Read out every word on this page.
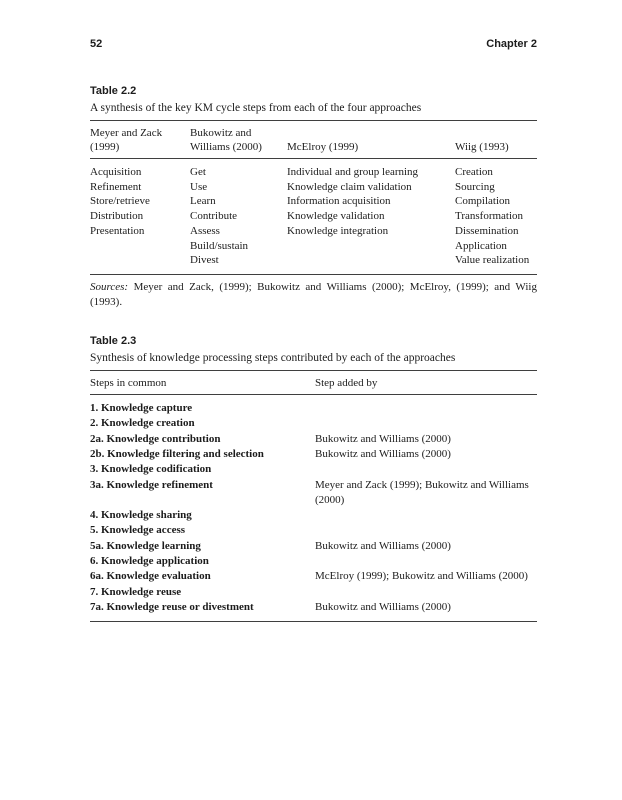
52	Chapter 2
Table 2.2
A synthesis of the key KM cycle steps from each of the four approaches
Meyer and Zack (1999)	Bukowitz and Williams (2000)	McElroy (1999)	Wiig (1993)
Acquisition	Get	Individual and group learning	Creation
Refinement	Use	Knowledge claim validation	Sourcing
Store/retrieve	Learn	Information acquisition	Compilation
Distribution	Contribute	Knowledge validation	Transformation
Presentation	Assess	Knowledge integration	Dissemination
	Build/sustain		Application
	Divest		Value realization

Sources: Meyer and Zack, (1999); Bukowitz and Williams (2000); McElroy, (1999); and Wiig (1993).

Table 2.3
Synthesis of knowledge processing steps contributed by each of the approaches
Steps in common	Step added by
1. Knowledge capture	
2. Knowledge creation	
2a. Knowledge contribution	Bukowitz and Williams (2000)
2b. Knowledge filtering and selection	Bukowitz and Williams (2000)
3. Knowledge codification	
3a. Knowledge refinement	Meyer and Zack (1999); Bukowitz and Williams (2000)
4. Knowledge sharing	
5. Knowledge access	
5a. Knowledge learning	Bukowitz and Williams (2000)
6. Knowledge application	
6a. Knowledge evaluation	McElroy (1999); Bukowitz and Williams (2000)
7. Knowledge reuse	
7a. Knowledge reuse or divestment	Bukowitz and Williams (2000)
